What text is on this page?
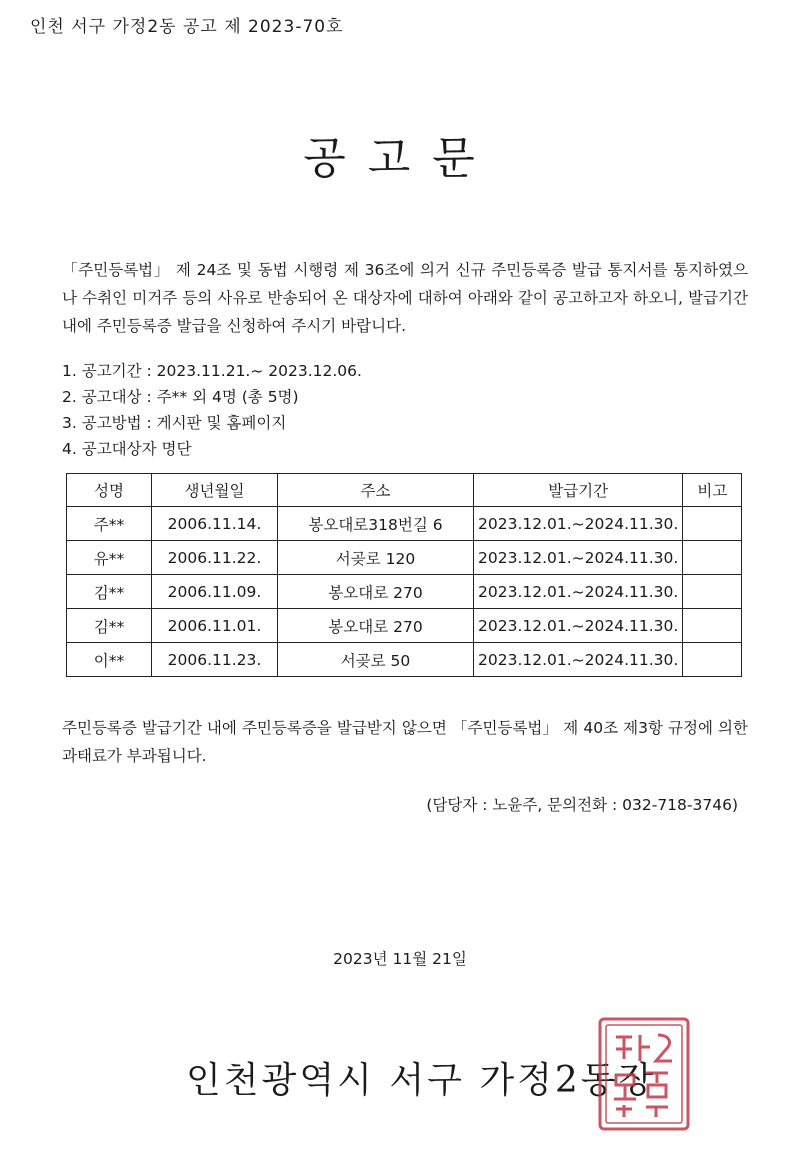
인천 서구 가정2동 공고 제 2023-70호
공고문
「주민등록법」 제 24조 및 동법 시행령 제 36조에 의거 신규 주민등록증 발급 통지서를 통지하였으나 수취인 미거주 등의 사유로 반송되어 온 대상자에 대하여 아래와 같이 공고하고자 하오니, 발급기간 내에 주민등록증 발급을 신청하여 주시기 바랍니다.
1. 공고기간 : 2023.11.21.~ 2023.12.06.
2. 공고대상 : 주** 외 4명 (총 5명)
3. 공고방법 : 게시판 및 홈페이지
4. 공고대상자 명단
성명	생년월일	주소	발급기간	비고
주**	2006.11.14.	봉오대로318번길 6	2023.12.01.~2024.11.30.	
유**	2006.11.22.	서곶로 120	2023.12.01.~2024.11.30.	
김**	2006.11.09.	봉오대로 270	2023.12.01.~2024.11.30.	
김**	2006.11.01.	봉오대로 270	2023.12.01.~2024.11.30.	
이**	2006.11.23.	서곶로 50	2023.12.01.~2024.11.30.	
주민등록증 발급기간 내에 주민등록증을 발급받지 않으면 「주민등록법」 제 40조 제3항 규정에 의한 과태료가 부과됩니다.
(담당자 : 노윤주, 문의전화 : 032-718-3746)
2023년 11월 21일
인천광역시 서구 가정2동장
